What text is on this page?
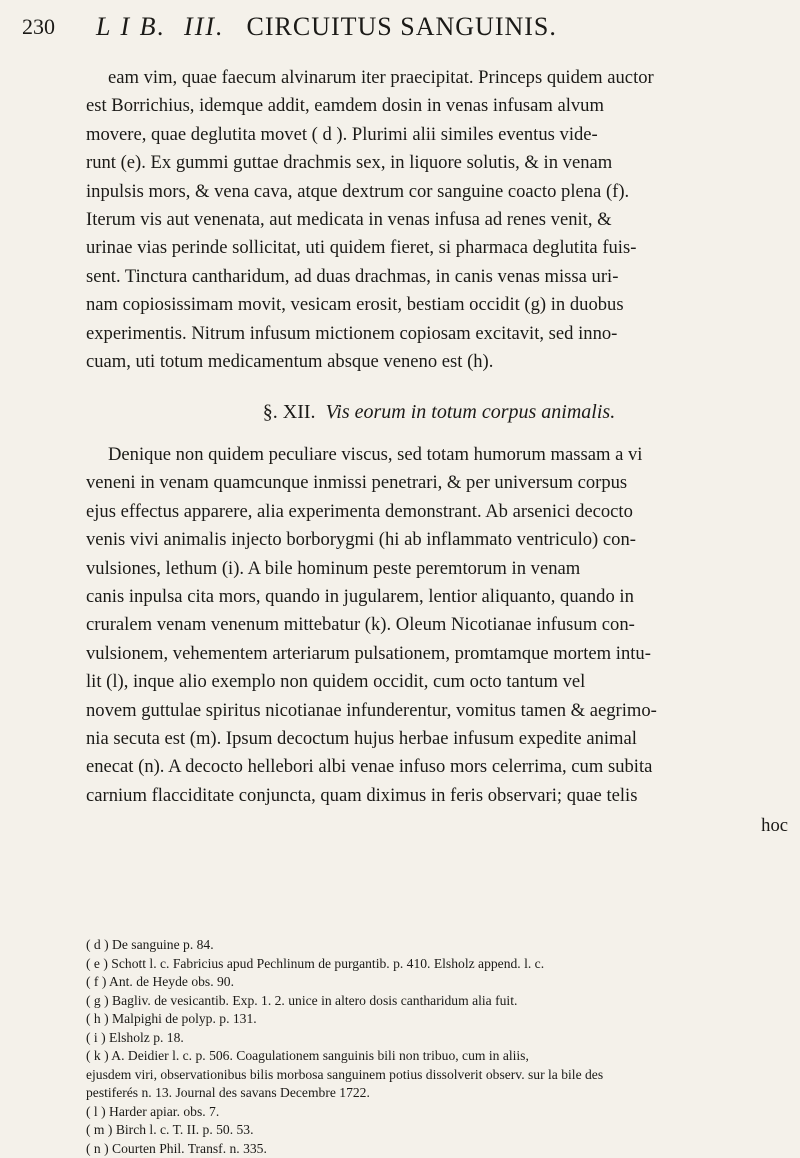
230 L I B. III. CIRCUITUS SANGUINIS.
eam vim, quae faecum alvinarum iter praecipitat. Princeps quidem auctor
est Borrichius, idemque addit, eamdem dosin in venas infusam alvum
movere, quae deglutita movet ( d ). Plurimi alii similes eventus vide-
runt (e). Ex gummi guttae drachmis sex, in liquore solutis, & in venam
inpulsis mors, & vena cava, atque dextrum cor sanguine coacto plena (f).
Iterum vis aut venenata, aut medicata in venas infusa ad renes venit, &
urinae vias perinde sollicitat, uti quidem fieret, si pharmaca deglutita fuis-
sent. Tinctura cantharidum, ad duas drachmas, in canis venas missa uri-
nam copiosissimam movit, vesicam erosit, bestiam occidit (g) in duobus
experimentis. Nitrum infusum mictionem copiosam excitavit, sed inno-
cuam, uti totum medicamentum absque veneno est (h).
§. XII. Vis eorum in totum corpus animalis.
Denique non quidem peculiare viscus, sed totam humorum massam a vi
veneni in venam quamcunque inmissi penetrari, & per universum corpus
ejus effectus apparere, alia experimenta demonstrant. Ab arsenici decocto
venis vivi animalis injecto borborygmi (hi ab inflammato ventriculo) con-
vulsiones, lethum (i). A bile hominum peste peremtorum in venam
canis inpulsa cita mors, quando in jugularem, lentior aliquanto, quando in
cruralem venam venenum mittebatur (k). Oleum Nicotianae infusum con-
vulsionem, vehementem arteriarum pulsationem, promtamque mortem intu-
lit (l), inque alio exemplo non quidem occidit, cum octo tantum vel
novem guttulae spiritus nicotianae infunderentur, vomitus tamen & aegrimo-
nia secuta est (m). Ipsum decoctum hujus herbae infusum expedite animal
enecat (n). A decocto hellebori albi venae infuso mors celerrima, cum subita
carnium flacciditate conjuncta, quam diximus in feris observari; quae telis
hoc
( d ) De sanguine p. 84.
( e ) Schott l. c. Fabricius apud Pechlinum de purgantib. p. 410. Elsholz append. l. c.
( f ) Ant. de Heyde obs. 90.
( g ) Bagliv. de vesicantib. Exp. 1. 2. unice in altero dosis cantharidum alia fuit.
( h ) Malpighi de polyp. p. 131.
( i ) Elsholz p. 18.
( k ) A. Deidier l. c. p. 506. Coagulationem sanguinis bili non tribuo, cum in aliis,
ejusdem viri, observationibus bilis morbosa sanguinem potius dissolverit observ. sur la bile des
pestiferés n. 13. Journal des savans Decembre 1722.
( l ) Harder apiar. obs. 7.
( m ) Birch l. c. T. II. p. 50. 53.
( n ) Courten Phil. Transf. n. 335.
